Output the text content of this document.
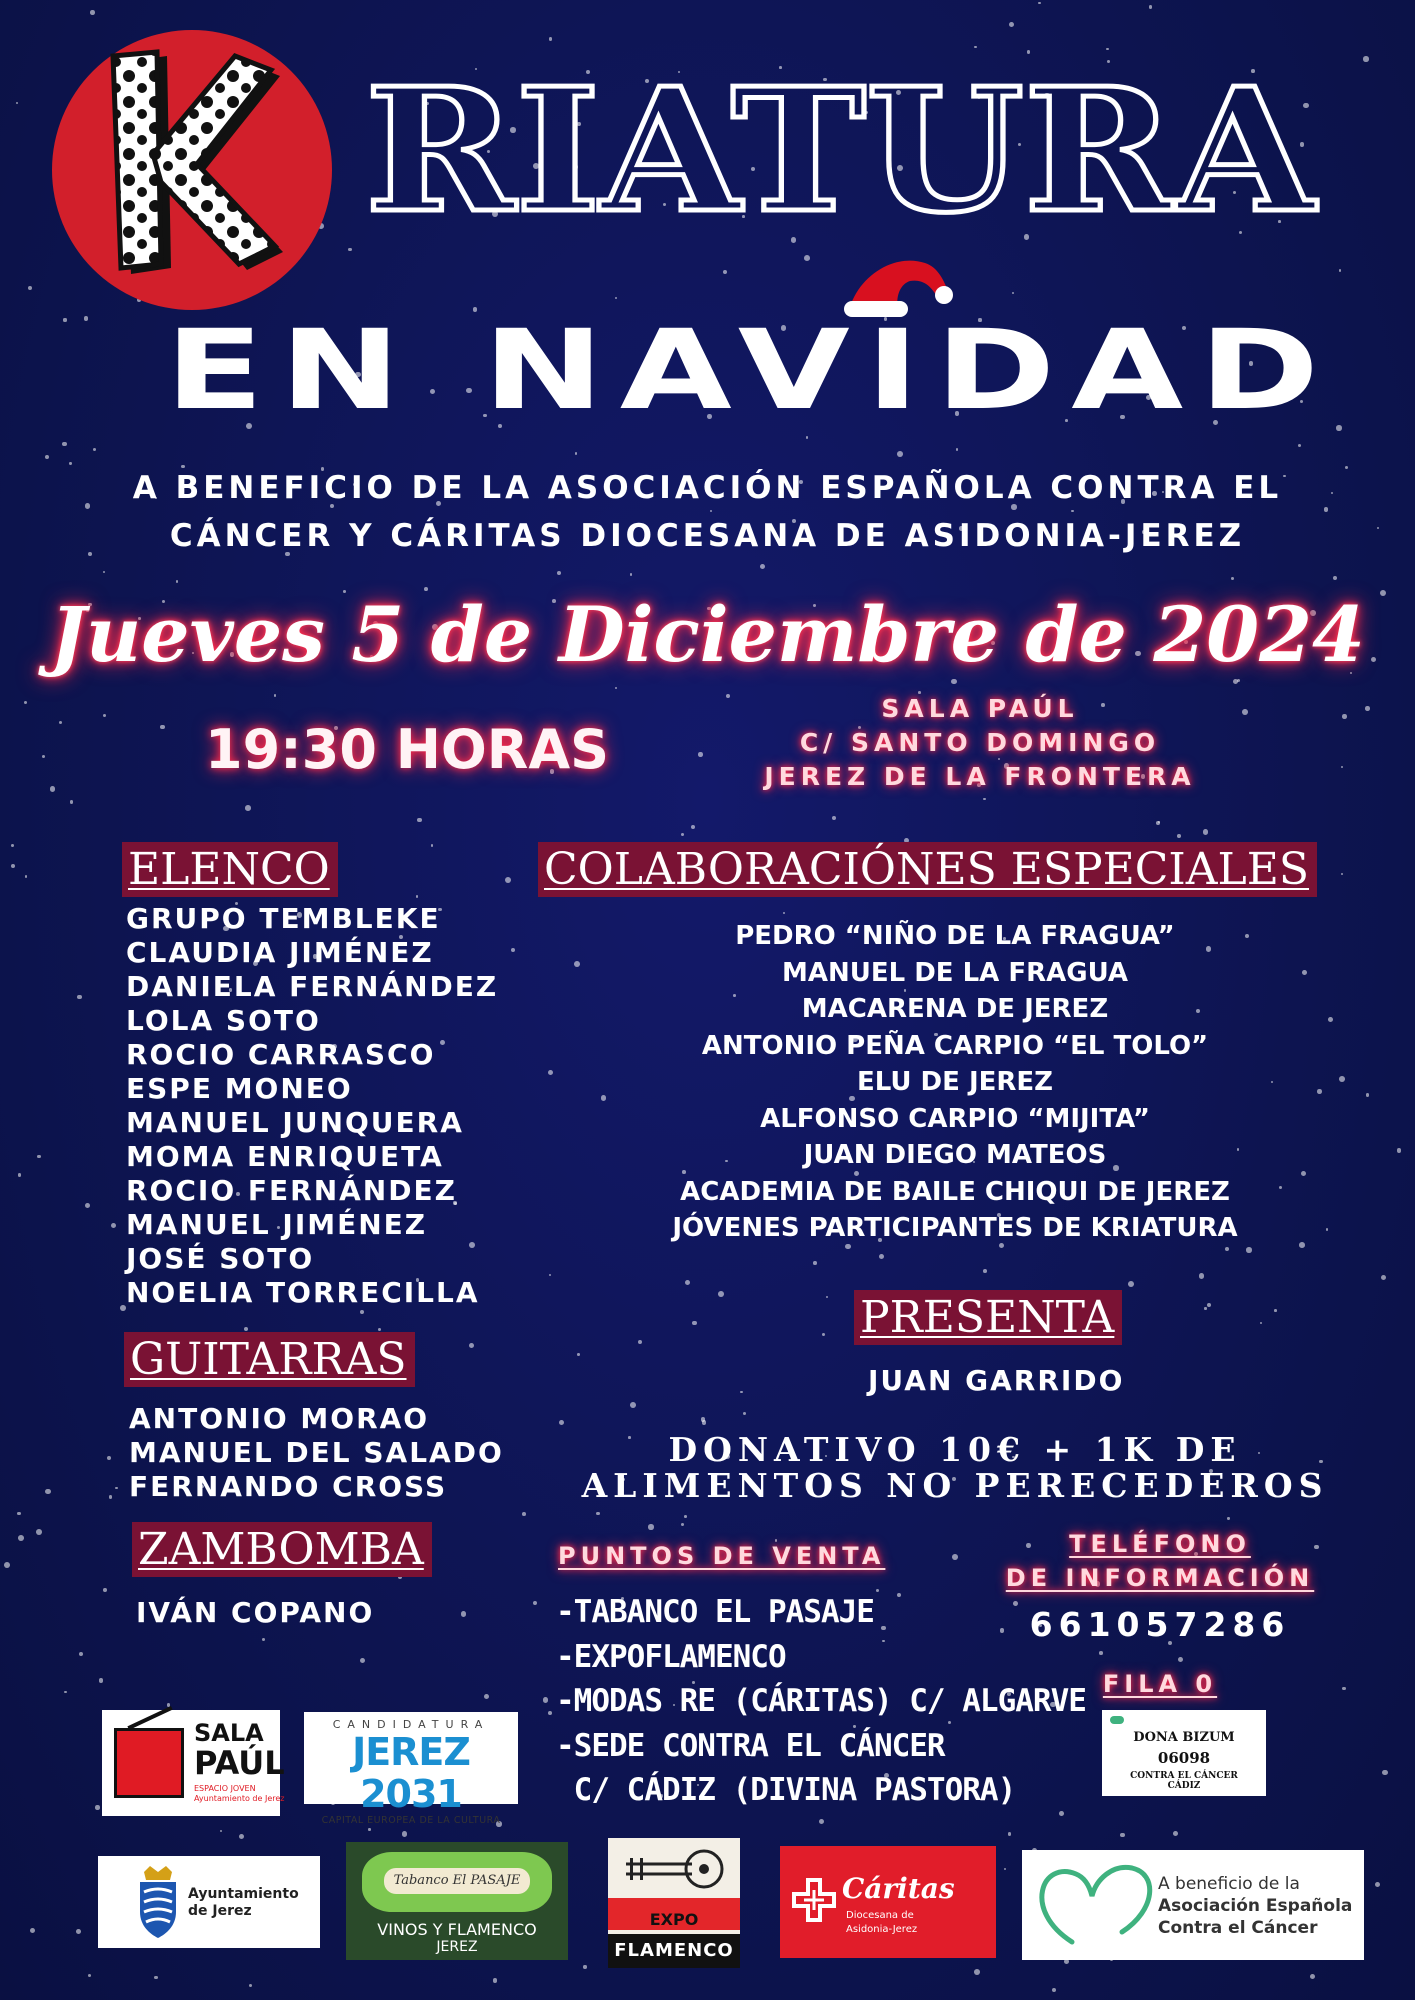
RIATURA
EN NAVIDAD
A BENEFICIO DE LA ASOCIACIÓN ESPAÑOLA CONTRA EL
CÁNCER Y CÁRITAS DIOCESANA DE ASIDONIA-JEREZ
Jueves 5 de Diciembre de 2024
19:30 HORAS
SALA PAÚL
C/ SANTO DOMINGO
JEREZ DE LA FRONTERA
ELENCO
GRUPO TEMBLEKE
CLAUDIA JIMÉNEZ
DANIELA FERNÁNDEZ
LOLA SOTO
ROCIO CARRASCO
ESPE MONEO
MANUEL JUNQUERA
MOMA ENRIQUETA
ROCIO FERNÁNDEZ
MANUEL JIMÉNEZ
JOSÉ SOTO
NOELIA TORRECILLA
COLABORACIÓNES ESPECIALES
PEDRO “NIÑO DE LA FRAGUA”
MANUEL DE LA FRAGUA
MACARENA DE JEREZ
ANTONIO PEÑA CARPIO “EL TOLO”
ELU DE JEREZ
ALFONSO CARPIO “MIJITA”
JUAN DIEGO MATEOS
ACADEMIA DE BAILE CHIQUI DE JEREZ
JÓVENES PARTICIPANTES DE KRIATURA
GUITARRAS
ANTONIO MORAO
MANUEL DEL SALADO
FERNANDO CROSS
PRESENTA
JUAN GARRIDO
ZAMBOMBA
IVÁN COPANO
DONATIVO 10€ + 1K DE
ALIMENTOS NO PERECEDEROS
PUNTOS DE VENTA
-TABANCO EL PASAJE
-EXPOFLAMENCO
-MODAS RE (CÁRITAS) C/ ALGARVE
-SEDE CONTRA EL CÁNCER
C/ CÁDIZ (DIVINA PASTORA)
TELÉFONO
DE INFORMACIÓN
661057286
FILA 0
DONA BIZUM
06098
CONTRA EL CÁNCER
CÁDIZ
SALA
PAÚL
ESPACIO JOVEN
Ayuntamiento de Jerez
CANDIDATURA
JEREZ 2031
CAPITAL EUROPEA DE LA CULTURA
Ayuntamiento
de Jerez
Tabanco El PASAJE
VINOS Y FLAMENCO
JEREZ
EXPO
FLAMENCO
Cáritas
Diocesana de
Asidonia-Jerez
A beneficio de la
Asociación Española
Contra el Cáncer
